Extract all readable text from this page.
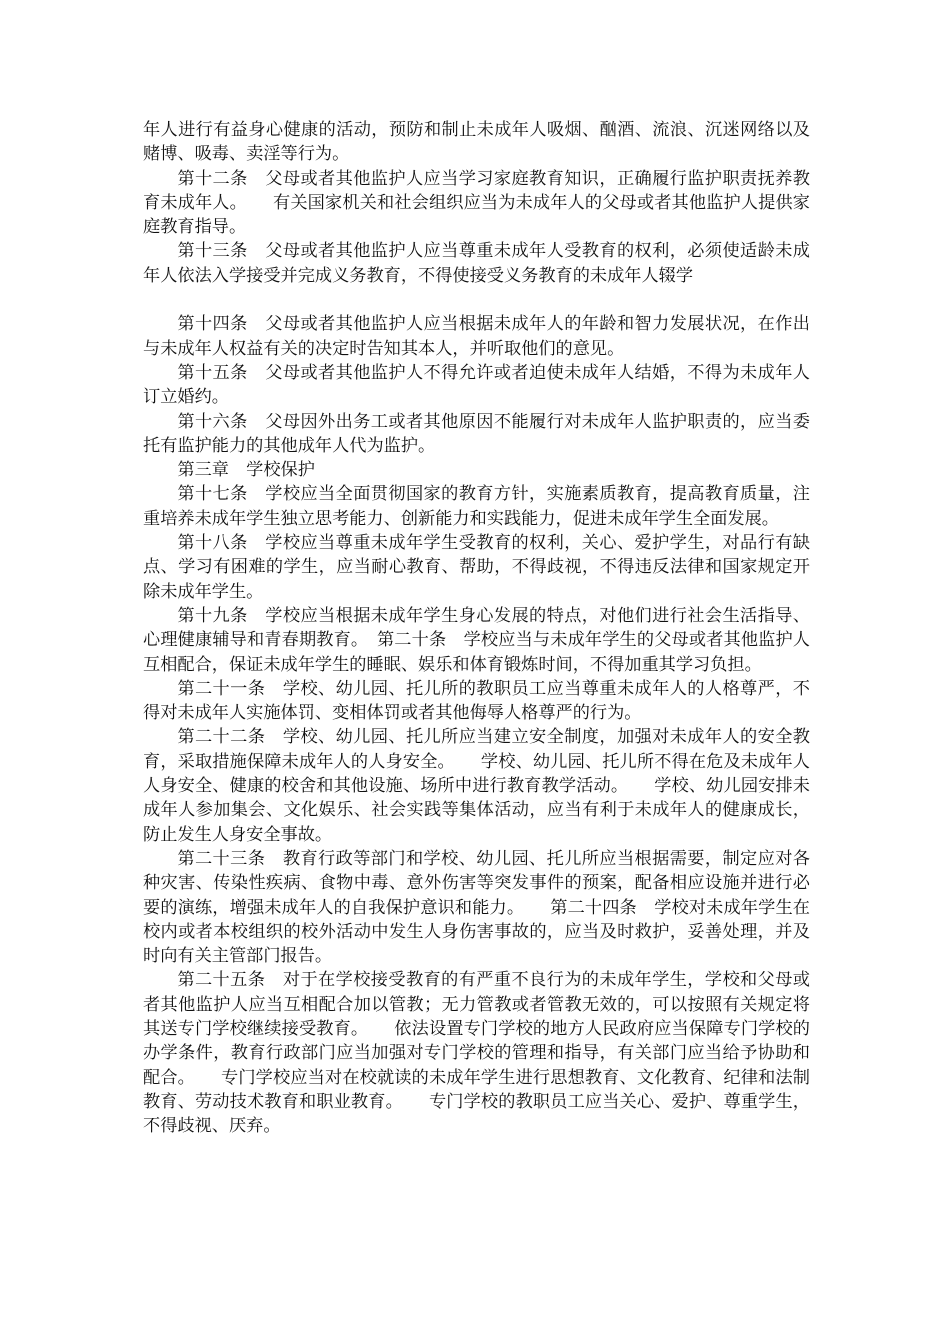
年人进行有益身心健康的活动，预防和制止未成年人吸烟、酗酒、流浪、沉迷网络以及赌博、吸毒、卖淫等行为。

第十二条　父母或者其他监护人应当学习家庭教育知识，正确履行监护职责抚养教育未成年人。　　有关国家机关和社会组织应当为未成年人的父母或者其他监护人提供家庭教育指导。

第十三条　父母或者其他监护人应当尊重未成年人受教育的权利，必须使适龄未成年人依法入学接受并完成义务教育，不得使接受义务教育的未成年人辍学

第十四条　父母或者其他监护人应当根据未成年人的年龄和智力发展状况，在作出与未成年人权益有关的决定时告知其本人，并听取他们的意见。

第十五条　父母或者其他监护人不得允许或者迫使未成年人结婚，不得为未成年人订立婚约。

第十六条　父母因外出务工或者其他原因不能履行对未成年人监护职责的，应当委托有监护能力的其他成年人代为监护。

第三章　学校保护

第十七条　学校应当全面贯彻国家的教育方针，实施素质教育，提高教育质量，注重培养未成年学生独立思考能力、创新能力和实践能力，促进未成年学生全面发展。

第十八条　学校应当尊重未成年学生受教育的权利，关心、爱护学生，对品行有缺点、学习有困难的学生，应当耐心教育、帮助，不得歧视，不得违反法律和国家规定开除未成年学生。

第十九条　学校应当根据未成年学生身心发展的特点，对他们进行社会生活指导、心理健康辅导和青春期教育。　第二十条　学校应当与未成年学生的父母或者其他监护人互相配合，保证未成年学生的睡眠、娱乐和体育锻炼时间，不得加重其学习负担。

第二十一条　学校、幼儿园、托儿所的教职员工应当尊重未成年人的人格尊严，不得对未成年人实施体罚、变相体罚或者其他侮辱人格尊严的行为。

第二十二条　学校、幼儿园、托儿所应当建立安全制度，加强对未成年人的安全教育，采取措施保障未成年人的人身安全。　　学校、幼儿园、托儿所不得在危及未成年人人身安全、健康的校舍和其他设施、场所中进行教育教学活动。　　学校、幼儿园安排未成年人参加集会、文化娱乐、社会实践等集体活动，应当有利于未成年人的健康成长，防止发生人身安全事故。

第二十三条　教育行政等部门和学校、幼儿园、托儿所应当根据需要，制定应对各种灾害、传染性疾病、食物中毒、意外伤害等突发事件的预案，配备相应设施并进行必要的演练，增强未成年人的自我保护意识和能力。　　第二十四条　学校对未成年学生在校内或者本校组织的校外活动中发生人身伤害事故的，应当及时救护，妥善处理，并及时向有关主管部门报告。

第二十五条　对于在学校接受教育的有严重不良行为的未成年学生，学校和父母或者其他监护人应当互相配合加以管教；无力管教或者管教无效的，可以按照有关规定将其送专门学校继续接受教育。　　依法设置专门学校的地方人民政府应当保障专门学校的办学条件，教育行政部门应当加强对专门学校的管理和指导，有关部门应当给予协助和配合。　　专门学校应当对在校就读的未成年学生进行思想教育、文化教育、纪律和法制教育、劳动技术教育和职业教育。　　专门学校的教职员工应当关心、爱护、尊重学生，不得歧视、厌弃。
